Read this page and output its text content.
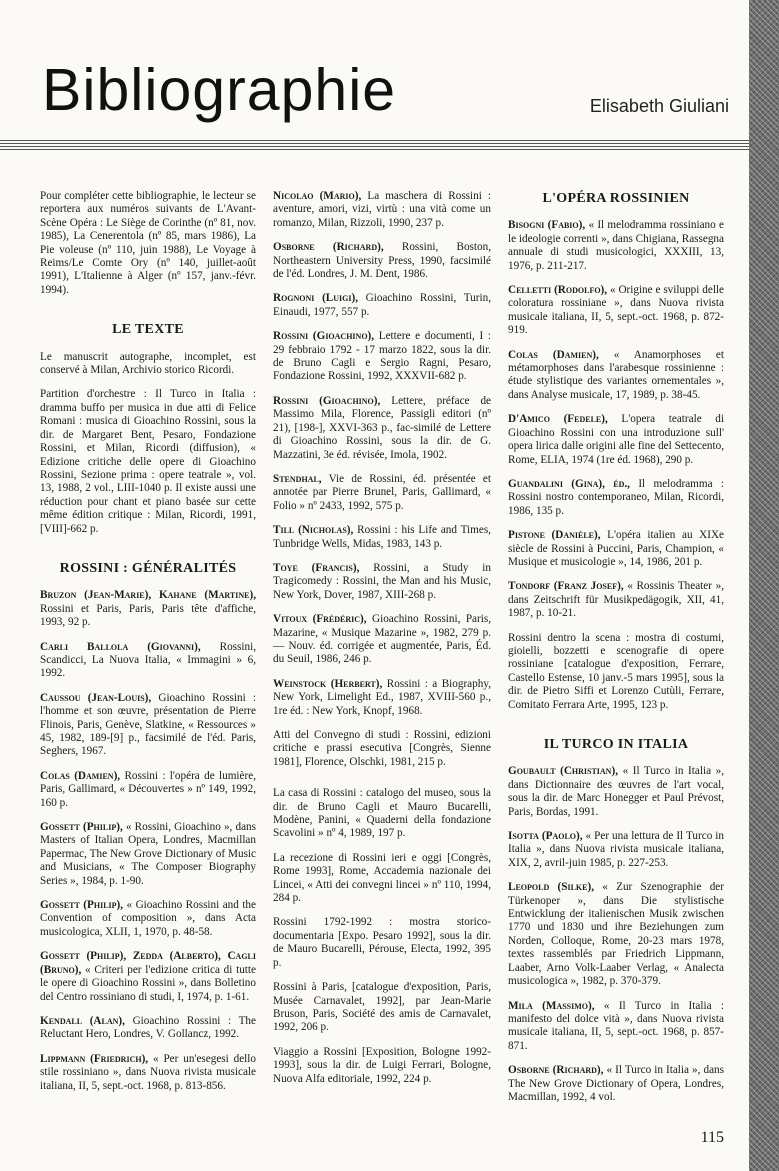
Bibliographie	Elisabeth Giuliani

Pour compléter cette bibliographie, le lecteur se reportera aux numéros suivants de L'Avant-Scène Opéra : Le Siège de Corinthe (nº 81, nov. 1985), La Cenerentola (nº 85, mars 1986), La Pie voleuse (nº 110, juin 1988), Le Voyage à Reims/Le Comte Ory (nº 140, juillet-août 1991), L'Italienne à Alger (nº 157, janv.-févr. 1994).

LE TEXTE

Le manuscrit autographe, incomplet, est conservé à Milan, Archivio storico Ricordi.

Partition d'orchestre : Il Turco in Italia : dramma buffo per musica in due atti di Felice Romani : musica di Gioachino Rossini, sous la dir. de Margaret Bent, Pesaro, Fondazione Rossini, et Milan, Ricordi (diffusion), « Edizione critiche delle opere di Gioachino Rossini, Sezione prima : opere teatrale », vol. 13, 1988, 2 vol., LIII-1040 p. Il existe aussi une réduction pour chant et piano basée sur cette même édition critique : Milan, Ricordi, 1991, [VIII]-662 p.

ROSSINI : GÉNÉRALITÉS

Bruzon (Jean-Marie), Kahane (Martine), Rossini et Paris, Paris, Paris tête d'affiche, 1993, 92 p.

Carli Ballola (Giovanni), Rossini, Scandicci, La Nuova Italia, « Immagini » 6, 1992.

Caussou (Jean-Louis), Gioachino Rossini : l'homme et son œuvre, présentation de Pierre Flinois, Paris, Genève, Slatkine, « Ressources » 45, 1982, 189-[9] p., facsimilé de l'éd. Paris, Seghers, 1967.

Colas (Damien), Rossini : l'opéra de lumière, Paris, Gallimard, « Découvertes » nº 149, 1992, 160 p.

Gossett (Philip), « Rossini, Gioachino », dans Masters of Italian Opera, Londres, Macmillan Papermac, The New Grove Dictionary of Music and Musicians, « The Composer Biography Series », 1984, p. 1-90.

Gossett (Philip), « Gioachino Rossini and the Convention of composition », dans Acta musicologica, XLII, 1, 1970, p. 48-58.

Gossett (Philip), Zedda (Alberto), Cagli (Bruno), « Criteri per l'edizione critica di tutte le opere di Gioachino Rossini », dans Bolletino del Centro rossiniano di studi, I, 1974, p. 1-61.

Kendall (Alan), Gioachino Rossini : The Reluctant Hero, Londres, V. Gollancz, 1992.

Lippmann (Friedrich), « Per un'esegesi dello stile rossiniano », dans Nuova rivista musicale italiana, II, 5, sept.-oct. 1968, p. 813-856.

Nicolao (Mario), La maschera di Rossini : aventure, amori, vizi, virtù : una vità come un romanzo, Milan, Rizzoli, 1990, 237 p.

Osborne (Richard), Rossini, Boston, Northeastern University Press, 1990, facsimilé de l'éd. Londres, J. M. Dent, 1986.

Rognoni (Luigi), Gioachino Rossini, Turin, Einaudi, 1977, 557 p.

Rossini (Gioachino), Lettere e documenti, I : 29 febbraio 1792 - 17 marzo 1822, sous la dir. de Bruno Cagli e Sergio Ragni, Pesaro, Fondazione Rossini, 1992, XXXVII-682 p.

Rossini (Gioachino), Lettere, préface de Massimo Mila, Florence, Passigli editori (nº 21), [198-], XXVI-363 p., fac-similé de Lettere di Gioachino Rossini, sous la dir. de G. Mazzatini, 3e éd. révisée, Imola, 1902.

Stendhal, Vie de Rossini, éd. présentée et annotée par Pierre Brunel, Paris, Gallimard, « Folio » nº 2433, 1992, 575 p.

Till (Nicholas), Rossini : his Life and Times, Tunbridge Wells, Midas, 1983, 143 p.

Toye (Francis), Rossini, a Study in Tragicomedy : Rossini, the Man and his Music, New York, Dover, 1987, XIII-268 p.

Vitoux (Frédéric), Gioachino Rossini, Paris, Mazarine, « Musique Mazarine », 1982, 279 p. — Nouv. éd. corrigée et augmentée, Paris, Éd. du Seuil, 1986, 246 p.

Weinstock (Herbert), Rossini : a Biography, New York, Limelight Ed., 1987, XVIII-560 p., 1re éd. : New York, Knopf, 1968.

Atti del Convegno di studi : Rossini, edizioni critiche e prassi esecutiva [Congrès, Sienne 1981], Florence, Olschki, 1981, 215 p.

La casa di Rossini : catalogo del museo, sous la dir. de Bruno Cagli et Mauro Bucarelli, Modène, Panini, « Quaderni della fondazione Scavolini » nº 4, 1989, 197 p.

La recezione di Rossini ieri e oggi [Congrès, Rome 1993], Rome, Accademia nazionale dei Lincei, « Atti dei convegni lincei » nº 110, 1994, 284 p.

Rossini 1792-1992 : mostra storico-documentaria [Expo. Pesaro 1992], sous la dir. de Mauro Bucarelli, Pérouse, Electa, 1992, 395 p.

Rossini à Paris, [catalogue d'exposition, Paris, Musée Carnavalet, 1992], par Jean-Marie Bruson, Paris, Société des amis de Carnavalet, 1992, 206 p.

Viaggio a Rossini [Exposition, Bologne 1992-1993], sous la dir. de Luigi Ferrari, Bologne, Nuova Alfa editoriale, 1992, 224 p.

L'OPÉRA ROSSINIEN

Bisogni (Fabio), « Il melodramma rossiniano e le ideologie correnti », dans Chigiana, Rassegna annuale di studi musicologici, XXXIII, 13, 1976, p. 211-217.

Celletti (Rodolfo), « Origine e sviluppi delle coloratura rossiniane », dans Nuova rivista musicale italiana, II, 5, sept.-oct. 1968, p. 872-919.

Colas (Damien), « Anamorphoses et métamorphoses dans l'arabesque rossinienne : étude stylistique des variantes ornementales », dans Analyse musicale, 17, 1989, p. 38-45.

D'Amico (Fedele), L'opera teatrale di Gioachino Rossini con una introduzione sull' opera lirica dalle origini alle fine del Settecento, Rome, ELIA, 1974 (1re éd. 1968), 290 p.

Guandalini (Gina), éd., Il melodramma : Rossini nostro contemporaneo, Milan, Ricordi, 1986, 135 p.

Pistone (Danièle), L'opéra italien au XIXe siècle de Rossini à Puccini, Paris, Champion, « Musique et musicologie », 14, 1986, 201 p.

Tondorf (Franz Josef), « Rossinis Theater », dans Zeitschrift für Musikpedägogik, XII, 41, 1987, p. 10-21.

Rossini dentro la scena : mostra di costumi, gioielli, bozzetti e scenografie di opere rossiniane [catalogue d'exposition, Ferrare, Castello Estense, 10 janv.-5 mars 1995], sous la dir. de Pietro Siffi et Lorenzo Cutùli, Ferrare, Comitato Ferrara Arte, 1995, 123 p.

IL TURCO IN ITALIA

Goubault (Christian), « Il Turco in Italia », dans Dictionnaire des œuvres de l'art vocal, sous la dir. de Marc Honegger et Paul Prévost, Paris, Bordas, 1991.

Isotta (Paolo), « Per una lettura de Il Turco in Italia », dans Nuova rivista musicale italiana, XIX, 2, avril-juin 1985, p. 227-253.

Leopold (Silke), « Zur Szenographie der Türkenoper », dans Die stylistische Entwicklung der italienischen Musik zwischen 1770 und 1830 und ihre Beziehungen zum Norden, Colloque, Rome, 20-23 mars 1978, textes rassemblés par Friedrich Lippmann, Laaber, Arno Volk-Laaber Verlag, « Analecta musicologica », 1982, p. 370-379.

Mila (Massimo), « Il Turco in Italia : manifesto del dolce vità », dans Nuova rivista musicale italiana, II, 5, sept.-oct. 1968, p. 857-871.

Osborne (Richard), « Il Turco in Italia », dans The New Grove Dictionary of Opera, Londres, Macmillan, 1992, 4 vol.

115
